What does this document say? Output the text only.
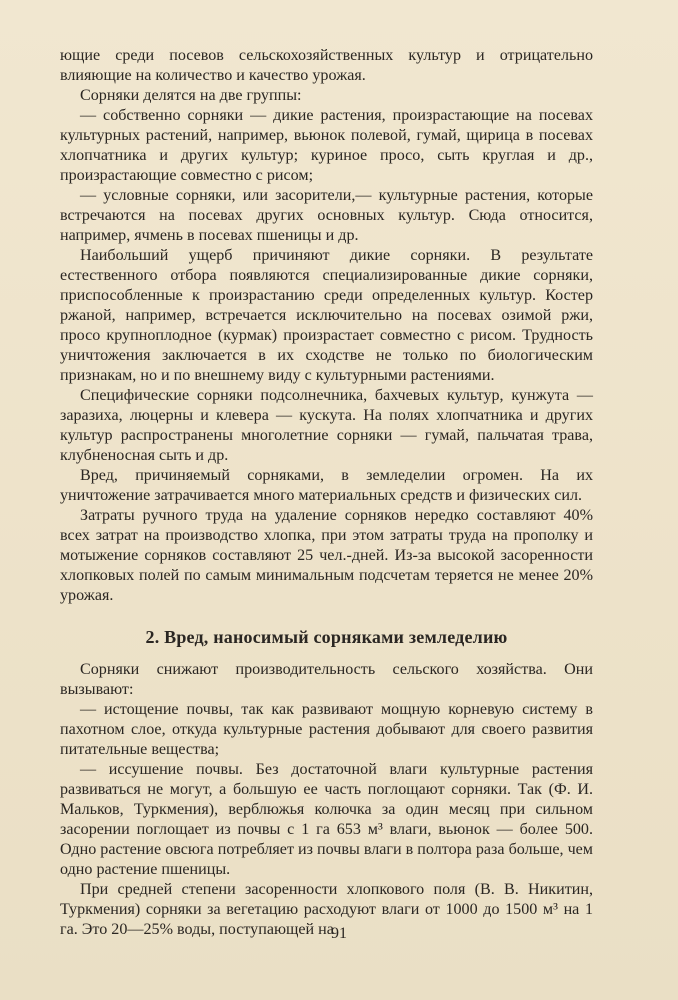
ющие среди посевов сельскохозяйственных культур и отрицательно влияющие на количество и качество урожая.

Сорняки делятся на две группы:

— собственно сорняки — дикие растения, произрастающие на посевах культурных растений, например, вьюнок полевой, гумай, щирица в посевах хлопчатника и других культур; куриное просо, сыть круглая и др., произрастающие совместно с рисом;

— условные сорняки, или засорители,— культурные растения, которые встречаются на посевах других основных культур. Сюда относится, например, ячмень в посевах пшеницы и др.

Наибольший ущерб причиняют дикие сорняки. В результате естественного отбора появляются специализированные дикие сорняки, приспособленные к произрастанию среди определенных культур. Костер ржаной, например, встречается исключительно на посевах озимой ржи, просо крупноплодное (курмак) произрастает совместно с рисом. Трудность уничтожения заключается в их сходстве не только по биологическим признакам, но и по внешнему виду с культурными растениями.

Специфические сорняки подсолнечника, бахчевых культур, кунжута — заразиха, люцерны и клевера — кускута. На полях хлопчатника и других культур распространены многолетние сорняки — гумай, пальчатая трава, клубненосная сыть и др.

Вред, причиняемый сорняками, в земледелии огромен. На их уничтожение затрачивается много материальных средств и физических сил.

Затраты ручного труда на удаление сорняков нередко составляют 40% всех затрат на производство хлопка, при этом затраты труда на прополку и мотыжение сорняков составляют 25 чел.-дней. Из-за высокой засоренности хлопковых полей по самым минимальным подсчетам теряется не менее 20% урожая.

2. Вред, наносимый сорняками земледелию

Сорняки снижают производительность сельского хозяйства. Они вызывают:

— истощение почвы, так как развивают мощную корневую систему в пахотном слое, откуда культурные растения добывают для своего развития питательные вещества;

— иссушение почвы. Без достаточной влаги культурные растения развиваться не могут, а большую ее часть поглощают сорняки. Так (Ф. И. Мальков, Туркмения), верблюжья колючка за один месяц при сильном засорении поглощает из почвы с 1 га 653 м³ влаги, вьюнок — более 500. Одно растение овсюга потребляет из почвы влаги в полтора раза больше, чем одно растение пшеницы.

При средней степени засоренности хлопкового поля (В. В. Никитин, Туркмения) сорняки за вегетацию расходуют влаги от 1000 до 1500 м³ на 1 га. Это 20—25% воды, поступающей на

91
